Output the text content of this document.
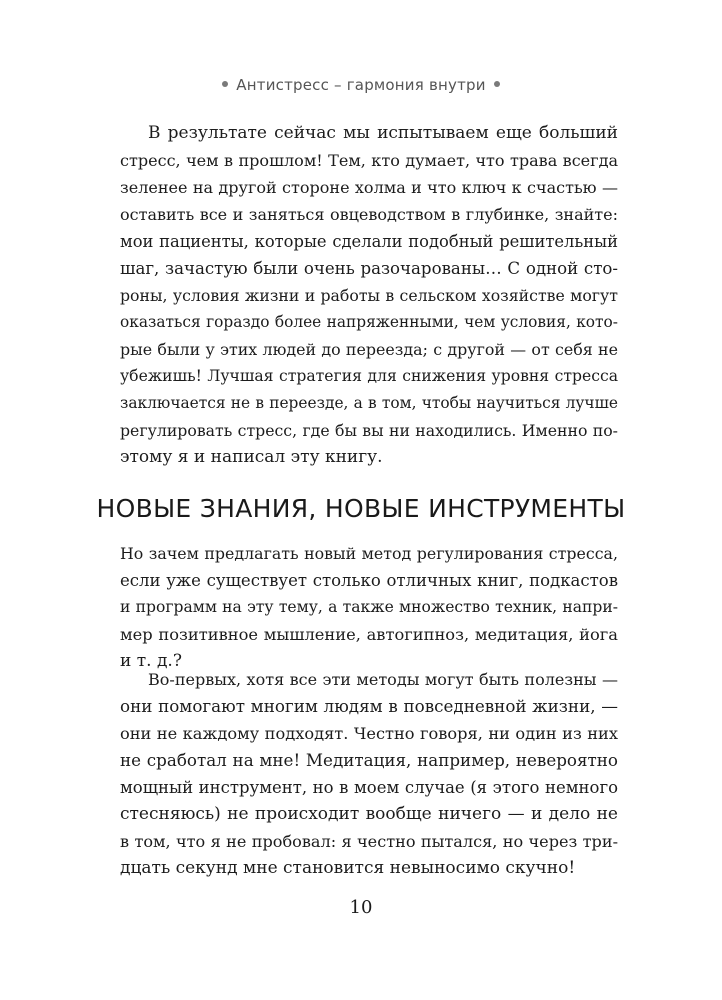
Антистресс – гармония внутри
В результате сейчас мы испытываем еще больший
стресс, чем в прошлом! Тем, кто думает, что трава всегда
зеленее на другой стороне холма и что ключ к счастью —
оставить все и заняться овцеводством в глубинке, знайте:
мои пациенты, которые сделали подобный решительный
шаг, зачастую были очень разочарованы… С одной сто-
роны, условия жизни и работы в сельском хозяйстве могут
оказаться гораздо более напряженными, чем условия, кото-
рые были у этих людей до переезда; с другой — от себя не
убежишь! Лучшая стратегия для снижения уровня стресса
заключается не в переезде, а в том, чтобы научиться лучше
регулировать стресс, где бы вы ни находились. Именно по-
этому я и написал эту книгу.
НОВЫЕ ЗНАНИЯ, НОВЫЕ ИНСТРУМЕНТЫ
Но зачем предлагать новый метод регулирования стресса,
если уже существует столько отличных книг, подкастов
и программ на эту тему, а также множество техник, напри-
мер позитивное мышление, автогипноз, медитация, йога
и т. д.?
Во-первых, хотя все эти методы могут быть полезны —
они помогают многим людям в повседневной жизни, —
они не каждому подходят. Честно говоря, ни один из них
не сработал на мне! Медитация, например, невероятно
мощный инструмент, но в моем случае (я этого немного
стесняюсь) не происходит вообще ничего — и дело не
в том, что я не пробовал: я честно пытался, но через три-
дцать секунд мне становится невыносимо скучно!
10
